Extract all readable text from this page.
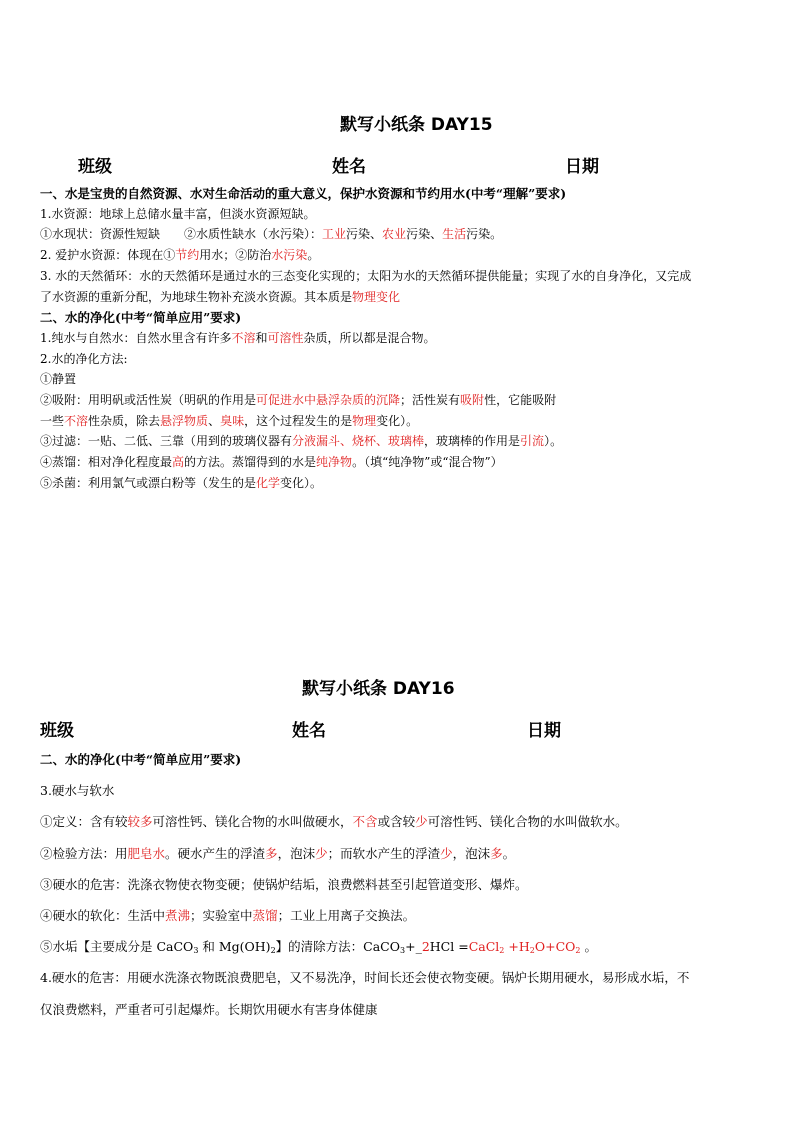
默写小纸条 DAY15
班级	姓名	日期
一、水是宝贵的自然资源、水对生命活动的重大意义，保护水资源和节约用水(中考“理解”要求)
1.水资源：地球上总储水量丰富，但淡水资源短缺。
①水现状：资源性短缺　　②水质性缺水（水污染）：工业污染、农业污染、生活污染。
2. 爱护水资源：体现在①节约用水；②防治水污染。
3. 水的天然循环：水的天然循环是通过水的三态变化实现的；太阳为水的天然循环提供能量；实现了水的自身净化，又完成
了水资源的重新分配，为地球生物补充淡水资源。其本质是物理变化
二、水的净化(中考“简单应用”要求)
1.纯水与自然水：自然水里含有许多不溶和可溶性杂质，所以都是混合物。
2.水的净化方法:
①静置
②吸附：用明矾或活性炭（明矾的作用是可促进水中悬浮杂质的沉降；活性炭有吸附性，它能吸附
一些不溶性杂质，除去悬浮物质、臭味，这个过程发生的是物理变化）。
③过滤：一贴、二低、三靠（用到的玻璃仪器有分液漏斗、烧杯、玻璃棒，玻璃棒的作用是引流）。
④蒸馏：相对净化程度最高的方法。蒸馏得到的水是纯净物。（填“纯净物”或“混合物”）
⑤杀菌：利用氯气或漂白粉等（发生的是化学变化）。
默写小纸条 DAY16
班级	姓名	日期
二、水的净化(中考“简单应用”要求)
3.硬水与软水
①定义：含有较较多可溶性钙、镁化合物的水叫做硬水，不含或含较少可溶性钙、镁化合物的水叫做软水。
②检验方法：用肥皂水。硬水产生的浮渣多，泡沫少；而软水产生的浮渣少，泡沫多。
③硬水的危害：洗涤衣物使衣物变硬；使锅炉结垢，浪费燃料甚至引起管道变形、爆炸。
④硬水的软化：生活中煮沸；实验室中蒸馏；工业上用离子交换法。
⑤水垢【主要成分是 CaCO$_3$ 和 $Mg(OH)_2$】的清除方法：CaCO$_3$+_2HCl =CaCl$_2$ $+H_2O+CO_2$ 。
4.硬水的危害：用硬水洗涤衣物既浪费肥皂，又不易洗净，时间长还会使衣物变硬。锅炉长期用硬水，易形成水垢，不
仅浪费燃料，严重者可引起爆炸。长期饮用硬水有害身体健康
